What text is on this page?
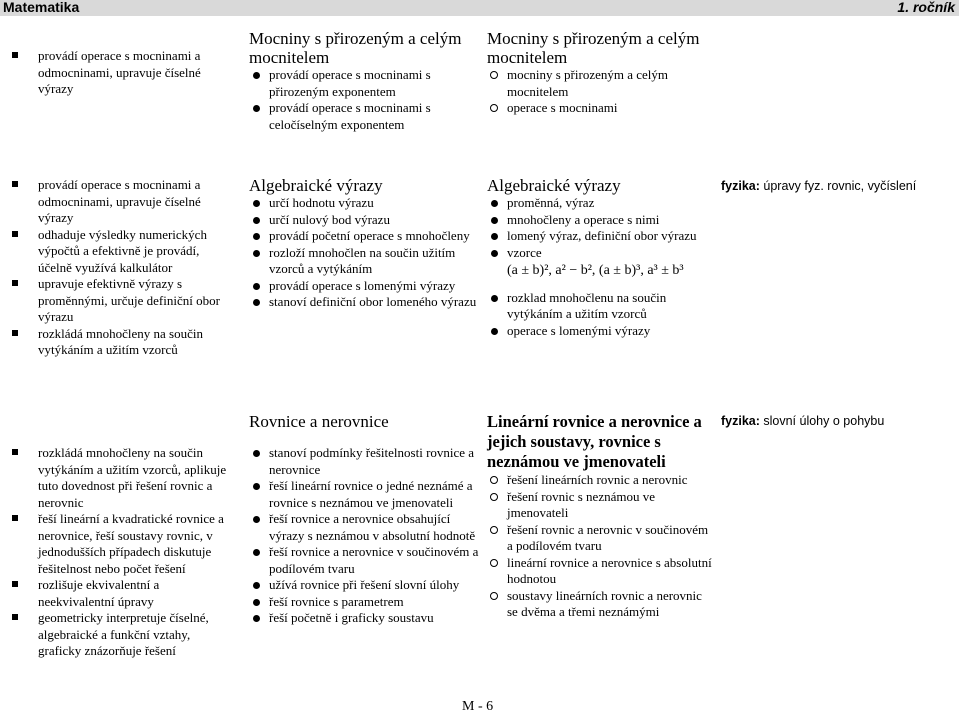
Matematika	1. ročník
provádí operace s mocninami a odmocninami, upravuje číselné výrazy
Mocniny s přirozeným a celým mocnitelem
provádí operace s mocninami s přirozeným exponentem
provádí operace s mocninami s celočíselným exponentem
Mocniny s přirozeným a celým mocnitelem
mocniny s přirozeným a celým mocnitelem
operace s mocninami
provádí operace s mocninami a odmocninami, upravuje číselné výrazy
odhaduje výsledky numerických výpočtů a efektivně je provádí, účelně využívá kalkulátor
upravuje efektivně výrazy s proměnnými, určuje definiční obor výrazu
rozkládá mnohočleny na součin vytýkáním a užitím vzorců
Algebraické výrazy
určí hodnotu výrazu
určí nulový bod výrazu
provádí početní operace s mnohočleny
rozloží mnohočlen na součin užitím vzorců a vytýkáním
provádí operace s lomenými výrazy
stanoví definiční obor lomeného výrazu
Algebraické výrazy
proměnná, výraz
mnohočleny a operace s nimi
lomený výraz, definiční obor výrazu
vzorce
(a ± b)², a² − b², (a ± b)³, a³ ± b³
rozklad mnohočlenu na součin vytýkáním a užitím vzorců
operace s lomenými výrazy
fyzika: úpravy fyz. rovnic, vyčíslení
rozkládá mnohočleny na součin vytýkáním a užitím vzorců, aplikuje tuto dovednost při řešení rovnic a nerovnic
řeší lineární a kvadratické rovnice a nerovnice, řeší soustavy rovnic, v jednodušších případech diskutuje řešitelnost nebo počet řešení
rozlišuje ekvivalentní a neekvivalentní úpravy
geometricky interpretuje číselné, algebraické a funkční vztahy, graficky znázorňuje řešení
Rovnice a nerovnice
stanoví podmínky řešitelnosti rovnice a nerovnice
řeší lineární rovnice o jedné neznámé a rovnice s neznámou ve jmenovateli
řeší rovnice a nerovnice obsahující výrazy s neznámou v absolutní hodnotě
řeší rovnice a nerovnice v součinovém a podílovém tvaru
užívá rovnice při řešení slovní úlohy
řeší rovnice s parametrem
řeší početně i graficky soustavu
Lineární rovnice a nerovnice a jejich soustavy, rovnice s neznámou ve jmenovateli
řešení lineárních rovnic a nerovnic
řešení rovnic s neznámou ve jmenovateli
řešení rovnic a nerovnic v součinovém a podílovém tvaru
lineární rovnice a nerovnice s absolutní hodnotou
soustavy lineárních rovnic a nerovnic se dvěma a třemi neznámými
fyzika: slovní úlohy o pohybu
M - 6
